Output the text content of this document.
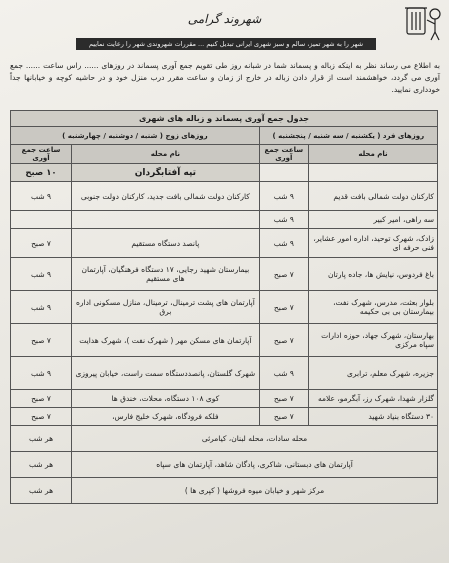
شهروند گرامی
شهر را به شهر تمیز، سالم و سبز شهری ایرانی تبدیل کنیم ... مقررات شهروندی شهر را رعایت نماییم
به اطلاع می رساند نظر به اینکه زباله و پسماند شما در شبانه روز طی تقویم جمع آوری پسماند در روزهای ...... راس ساعت ...... جمع آوری می گردد، خواهشمند است از قرار دادن زباله در خارج از زمان و ساعت مقرر درب منزل خود و در حاشیه کوچه و خیابانها جداً خودداری نمایید.
جدول جمع آوری پسماند و زباله های شهری			
روزهای فرد ( یکشنبه / سه شنبه / پنجشنبه )		روزهای زوج ( شنبه / دوشنبه / چهارشنبه )	
نام محله	ساعت جمع آوری	نام محله	ساعت جمع آوری
		تپه آفتابگردان	۱۰ صبح
کارکنان دولت شمالی بافت قدیم	۹ شب	کارکنان دولت شمالی بافت جدید، کارکنان دولت جنوبی	۹ شب
سه راهی، امیر کبیر	۹ شب		
زادک، شهرک توحید، اداره امور عشایر، فنی حرفه ای	۹ شب	پانصد دستگاه مستقیم	۷ صبح
باغ فردوس، نیایش ها، جاده پارتان	۷ صبح	بیمارستان شهید رجایی، ۱۷ دستگاه فرهنگیان، آپارتمان های مستقیم	۹ شب
بلوار بعثت، مدرس، شهرک نفت، بیمارستان بی بی حکیمه	۷ صبح	آپارتمان های پشت ترمینال، ترمینال، منازل مسکونی اداره برق	۹ شب
بهارستان، شهرک جهاد، حوزه ادارات سپاه مرکزی	۷ صبح	آپارتمان های مسکن مهر ( شهرک نفت )، شهرک هدایت	۷ صبح
جزیره، شهرک معلم، ترابری	۹ شب	شهرک گلستان، پانصددستگاه سمت راست، خیابان پیروزی	۹ شب
گلزار شهدا، شهرک رز، آبگرمو، علامه	۷ صبح	کوی ۱۰۸ دستگاه، محلات، خندق ها	۷ صبح
۳۰ دستگاه بنیاد شهید	۷ صبح	فلکه فرودگاه، شهرک خلیج فارس،	۷ صبح
محله سادات، محله لبنان، کیامرثی			هر شب
آپارتمان های دبستانی، شاکری، پادگان شاهد، آپارتمان های سپاه			هر شب
مرکز شهر و خیابان میوه فروشها ( کپری ها )			هر شب
